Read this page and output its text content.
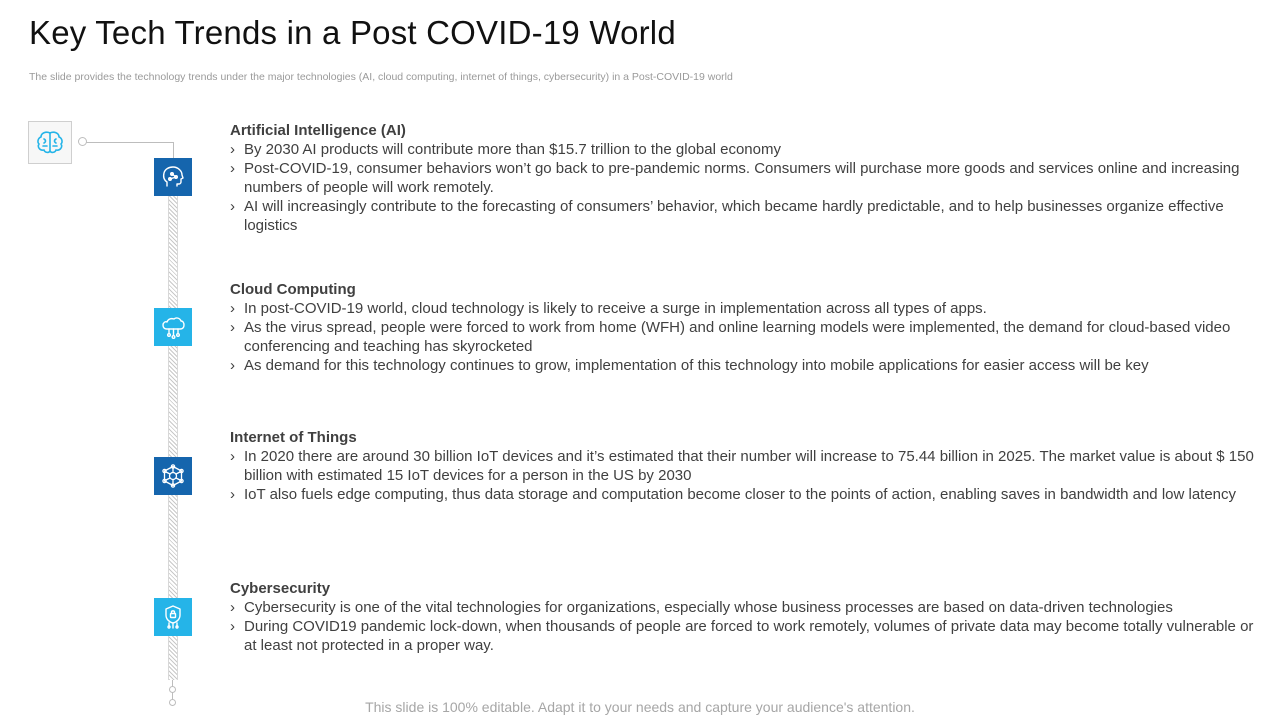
Key Tech Trends in a Post COVID-19 World
The slide provides the technology trends under the major technologies (AI, cloud computing, internet of things, cybersecurity) in a Post-COVID-19 world
Artificial Intelligence (AI)
› By 2030 AI products will contribute more than $15.7 trillion to the global economy
› Post-COVID-19, consumer behaviors won’t go back to pre-pandemic norms. Consumers will purchase more goods and services online and increasing numbers of people will work remotely.
› AI will increasingly contribute to the forecasting of consumers’ behavior, which became hardly predictable, and to help businesses organize effective logistics
Cloud Computing
› In post-COVID-19 world, cloud technology is likely to receive a surge in implementation across all types of apps.
› As the virus spread, people were forced to work from home (WFH) and online learning models were implemented, the demand for cloud-based video conferencing and teaching has skyrocketed
› As demand for this technology continues to grow, implementation of this technology into mobile applications for easier access will be key
Internet of Things
› In 2020 there are around 30 billion IoT devices and it’s estimated that their number will increase to 75.44 billion in 2025. The market value is about $ 150 billion with estimated 15 IoT devices for a person in the US by 2030
› IoT also fuels edge computing, thus data storage and computation become closer to the points of action, enabling saves in bandwidth and low latency
Cybersecurity
› Cybersecurity is one of the vital technologies for organizations, especially whose business processes are based on data-driven technologies
› During COVID19 pandemic lock-down, when thousands of people are forced to work remotely, volumes of private data may become totally vulnerable or at least not protected in a proper way.
This slide is 100% editable. Adapt it to your needs and capture your audience's attention.
